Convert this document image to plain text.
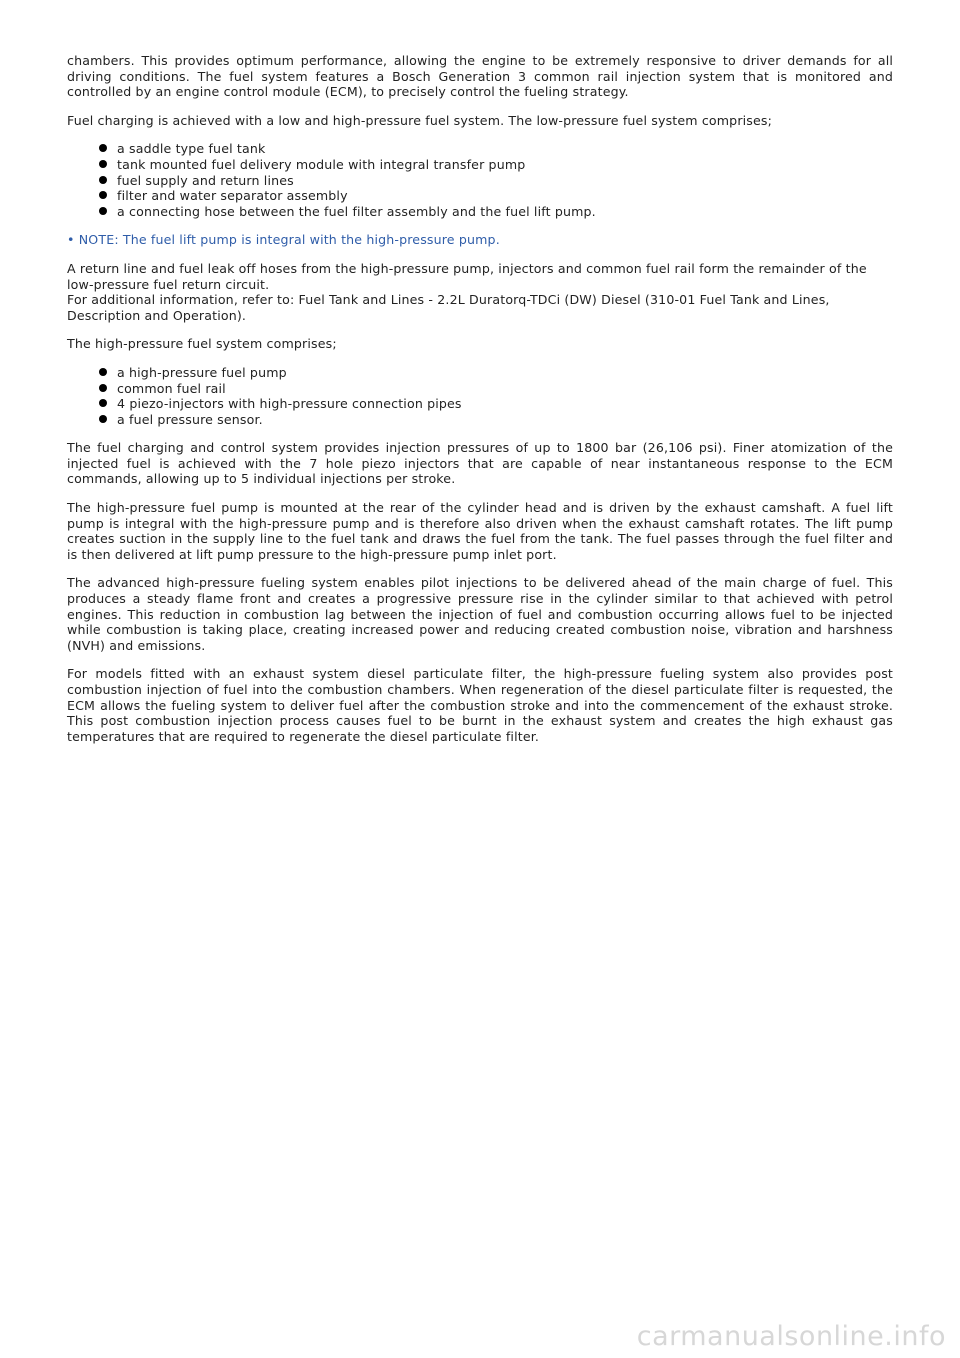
chambers. This provides optimum performance, allowing the engine to be extremely responsive to driver demands for all driving conditions. The fuel system features a Bosch Generation 3 common rail injection system that is monitored and controlled by an engine control module (ECM), to precisely control the fueling strategy.

Fuel charging is achieved with a low and high-pressure fuel system. The low-pressure fuel system comprises;

a saddle type fuel tank
tank mounted fuel delivery module with integral transfer pump
fuel supply and return lines
filter and water separator assembly
a connecting hose between the fuel filter assembly and the fuel lift pump.

• NOTE: The fuel lift pump is integral with the high-pressure pump.

A return line and fuel leak off hoses from the high-pressure pump, injectors and common fuel rail form the remainder of the low-pressure fuel return circuit.
For additional information, refer to: Fuel Tank and Lines - 2.2L Duratorq-TDCi (DW) Diesel (310-01 Fuel Tank and Lines, Description and Operation).

The high-pressure fuel system comprises;

a high-pressure fuel pump
common fuel rail
4 piezo-injectors with high-pressure connection pipes
a fuel pressure sensor.

The fuel charging and control system provides injection pressures of up to 1800 bar (26,106 psi). Finer atomization of the injected fuel is achieved with the 7 hole piezo injectors that are capable of near instantaneous response to the ECM commands, allowing up to 5 individual injections per stroke.

The high-pressure fuel pump is mounted at the rear of the cylinder head and is driven by the exhaust camshaft. A fuel lift pump is integral with the high-pressure pump and is therefore also driven when the exhaust camshaft rotates. The lift pump creates suction in the supply line to the fuel tank and draws the fuel from the tank. The fuel passes through the fuel filter and is then delivered at lift pump pressure to the high-pressure pump inlet port.

The advanced high-pressure fueling system enables pilot injections to be delivered ahead of the main charge of fuel. This produces a steady flame front and creates a progressive pressure rise in the cylinder similar to that achieved with petrol engines. This reduction in combustion lag between the injection of fuel and combustion occurring allows fuel to be injected while combustion is taking place, creating increased power and reducing created combustion noise, vibration and harshness (NVH) and emissions.

For models fitted with an exhaust system diesel particulate filter, the high-pressure fueling system also provides post combustion injection of fuel into the combustion chambers. When regeneration of the diesel particulate filter is requested, the ECM allows the fueling system to deliver fuel after the combustion stroke and into the commencement of the exhaust stroke. This post combustion injection process causes fuel to be burnt in the exhaust system and creates the high exhaust gas temperatures that are required to regenerate the diesel particulate filter.

carmanualsonline.info
